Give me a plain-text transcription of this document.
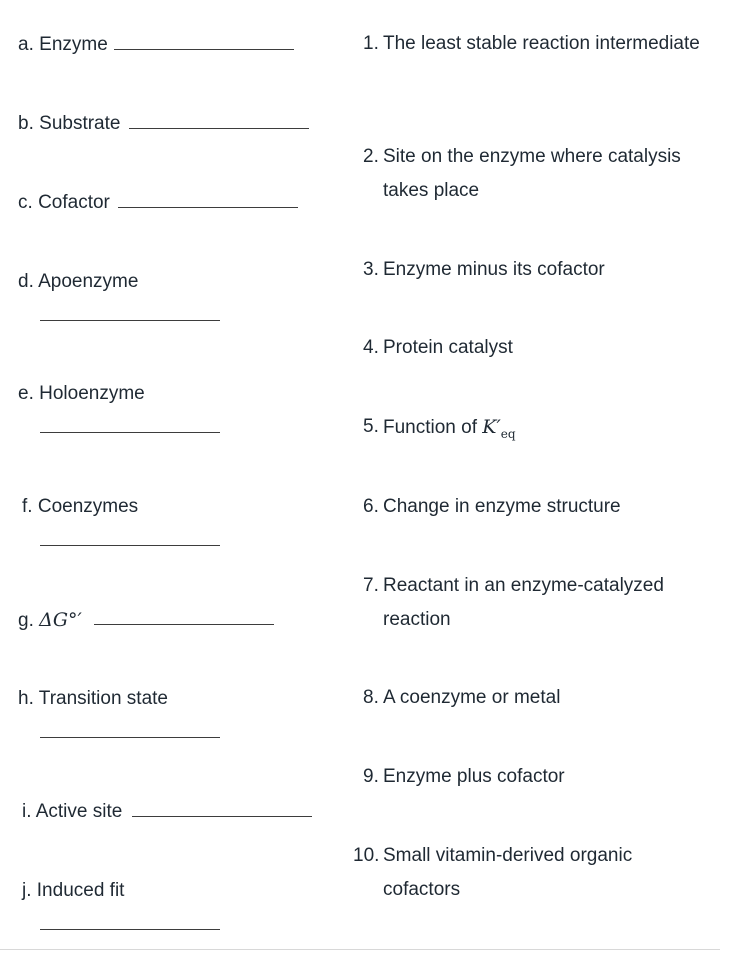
a. Enzyme
b. Substrate
c. Cofactor
d. Apoenzyme
e. Holoenzyme
f. Coenzymes
g. ΔG°′
h. Transition state
i. Active site
j. Induced fit
1. The least stable reaction intermediate
2. Site on the enzyme where catalysis takes place
3. Enzyme minus its cofactor
4. Protein catalyst
5. Function of $K'_{eq}$
6. Change in enzyme structure
7. Reactant in an enzyme-catalyzed reaction
8. A coenzyme or metal
9. Enzyme plus cofactor
10. Small vitamin-derived organic cofactors
